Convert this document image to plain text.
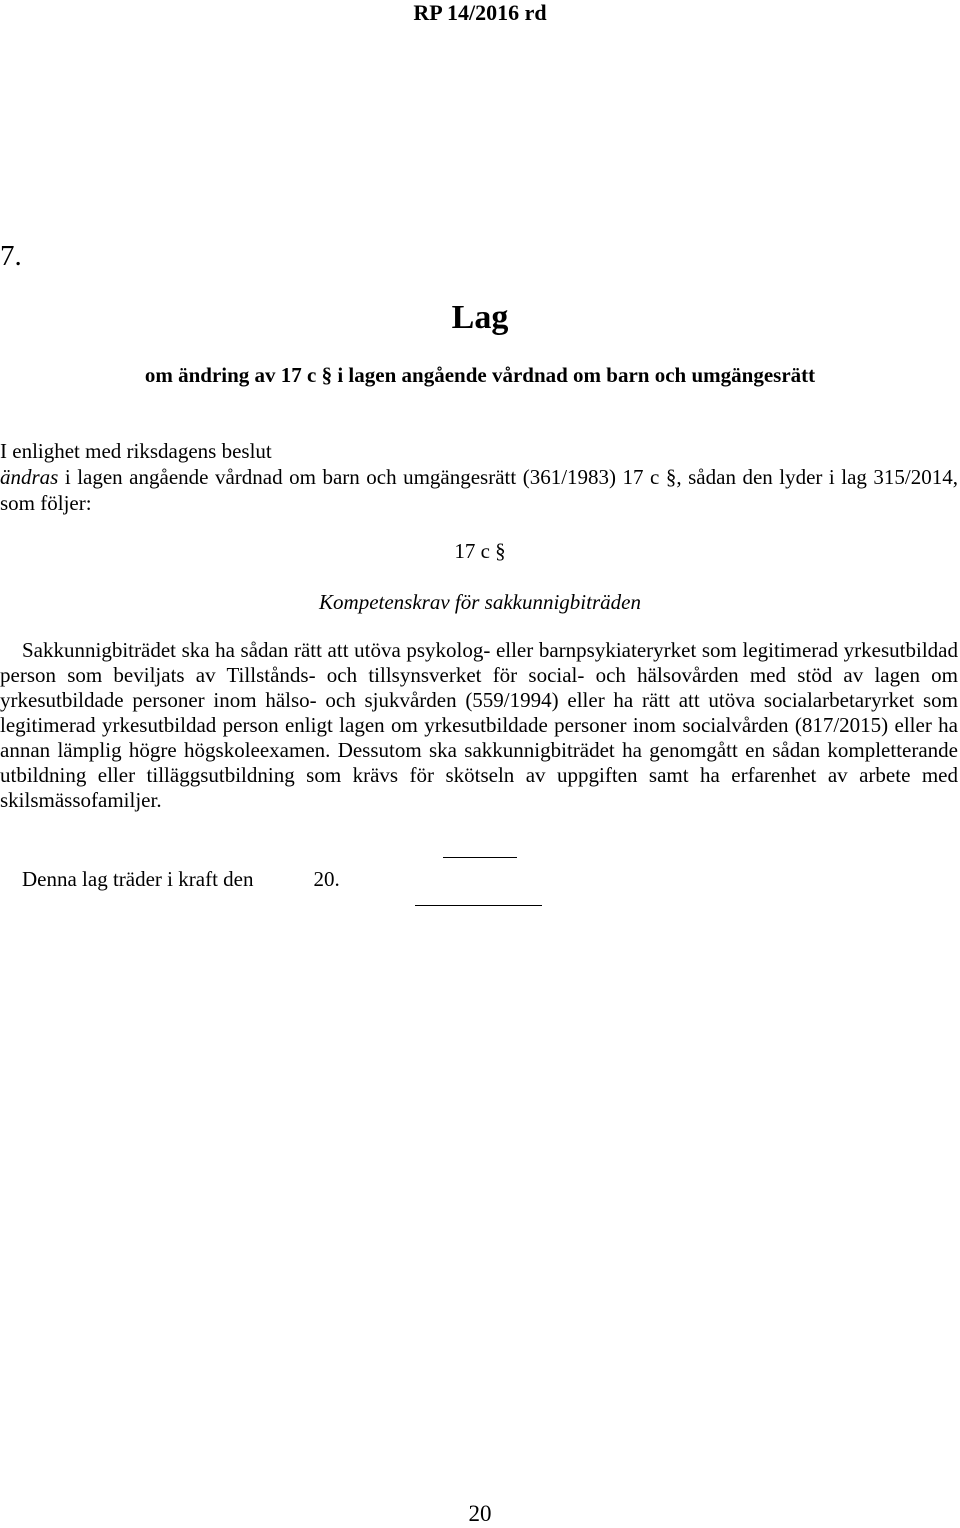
RP 14/2016 rd
7.
Lag
om ändring av 17 c § i lagen angående vårdnad om barn och umgängesrätt

I enlighet med riksdagens beslut

ändras i lagen angående vårdnad om barn och umgängesrätt (361/1983) 17 c §, sådan den lyder i lag 315/2014, som följer:

17 c §
Kompetenskrav för sakkunnigbiträden

Sakkunnigbiträdet ska ha sådan rätt att utöva psykolog- eller barnpsykiateryrket som legitimerad yrkesutbildad person som beviljats av Tillstånds- och tillsynsverket för social- och hälsovården med stöd av lagen om yrkesutbildade personer inom hälso- och sjukvården (559/1994) eller ha rätt att utöva socialarbetaryrket som legitimerad yrkesutbildad person enligt lagen om yrkesutbildade personer inom socialvården (817/2015) eller ha annan lämplig högre högskoleexamen. Dessutom ska sakkunnigbiträdet ha genomgått en sådan kompletterande utbildning eller tilläggsutbildning som krävs för skötseln av uppgiften samt ha erfarenhet av arbete med skilsmässofamiljer.

Denna lag träder i kraft den	20.
20
